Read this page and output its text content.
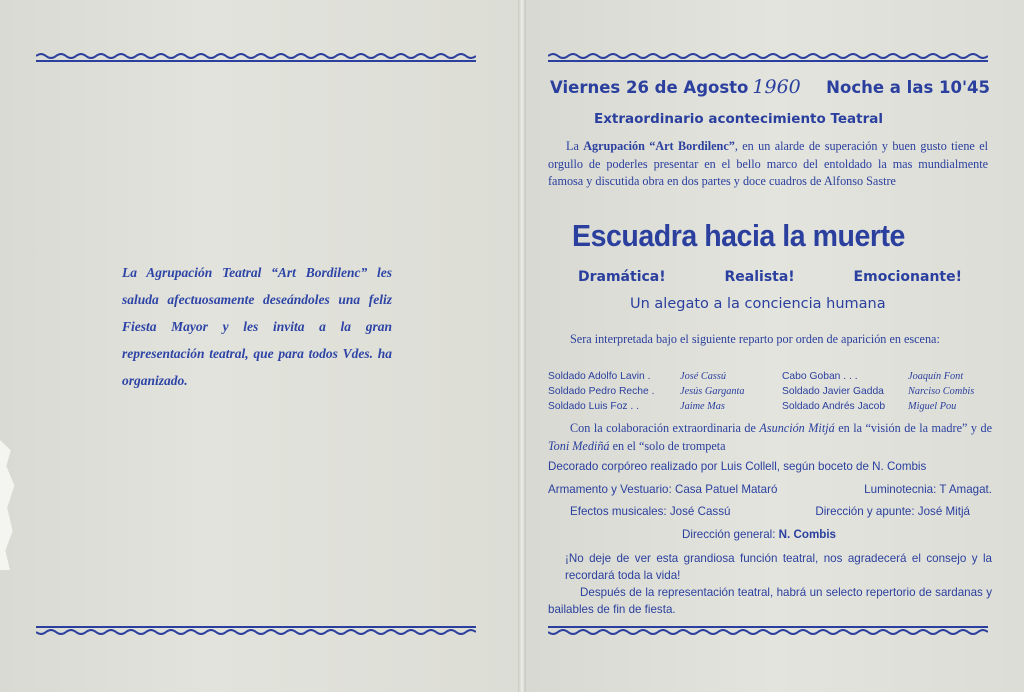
La Agrupación Teatral “Art Bordilenc” les saluda afectuosamente deseándoles una feliz Fiesta Mayor y les invita a la gran representación teatral, que para todos Vdes. ha organizado.

Viernes 26 de Agosto 1960 Noche a las 10'45
Extraordinario acontecimiento Teatral
La Agrupación “Art Bordilenc”, en un alarde de superación y buen gusto tiene el orgullo de poderles presentar en el bello marco del entoldado la mas mundialmente famosa y discutida obra en dos partes y doce cuadros de Alfonso Sastre
Escuadra hacia la muerte
Dramática!	Realista!	Emocionante!
Un alegato a la conciencia humana
Sera interpretada bajo el siguiente reparto por orden de aparición en escena:
Soldado Adolfo Lavin .	José Cassú	Cabo Goban . . .	Joaquín Font
Soldado Pedro Reche .	Jesús Garganta	Soldado Javier Gadda	Narciso Combis
Soldado Luis Foz . .	Jaime Mas	Soldado Andrés Jacob	Miguel Pou
Con la colaboración extraordinaria de Asunción Mitjá en la “visión de la madre” y de Toni Mediñá en el “solo de trompeta
Decorado corpóreo realizado por Luis Collell, según boceto de N. Combis
Armamento y Vestuario: Casa Patuel Mataró	Luminotecnia: T Amagat.
Efectos musicales: José Cassú	Dirección y apunte: José Mitjá
Dirección general: N. Combis
¡No deje de ver esta grandiosa función teatral, nos agradecerá el consejo y la recordará toda la vida!
Después de la representación teatral, habrá un selecto repertorio de sardanas y bailables de fin de fiesta.
